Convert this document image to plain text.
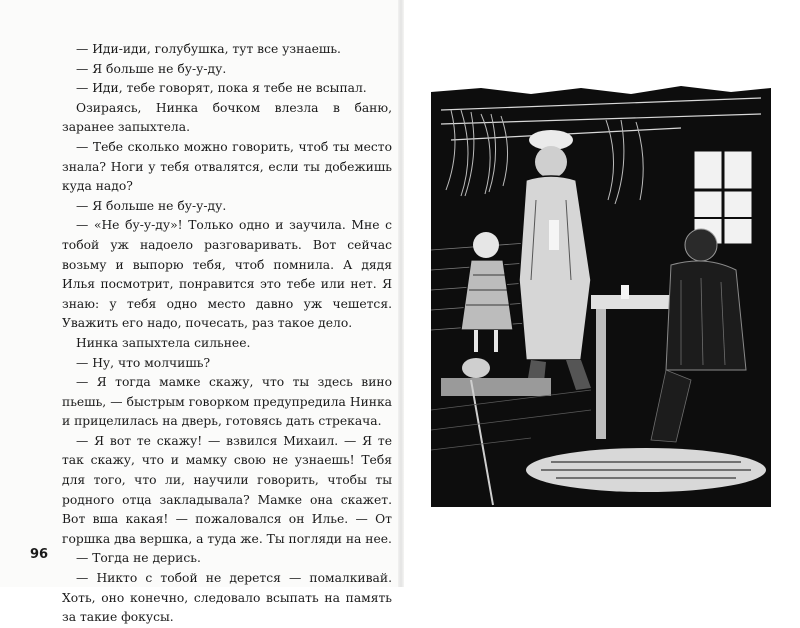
— Иди-иди, голубушка, тут все узнаешь.

— Я больше не бу-у-ду.

— Иди, тебе говорят, пока я тебе не всыпал.

Озираясь, Нинка бочком влезла в баню, заранее запыхтела.

— Тебе сколько можно говорить, чтоб ты место знала? Ноги у тебя отвалятся, если ты добежишь куда надо?

— Я больше не бу-у-ду.

— «Не бу-у-ду»! Только одно и заучила. Мне с тобой уж надоело разговаривать. Вот сейчас возьму и выпорю тебя, чтоб помнила. А дядя Илья посмотрит, понравится это тебе или нет. Я знаю: у тебя одно место давно уж чешется. Уважить его надо, почесать, раз такое дело.

Нинка запыхтела сильнее.

— Ну, что молчишь?

— Я тогда мамке скажу, что ты здесь вино пьешь, — быстрым говорком предупредила Нинка и прицелилась на дверь, готовясь дать стрекача.

— Я вот те скажу! — взвился Михаил. — Я те так скажу, что и мамку свою не узнаешь! Тебя для того, что ли, научили говорить, чтобы ты родного отца закладывала? Мамке она скажет. Вот вша какая! — пожаловался он Илье. — От горшка два вершка, а туда же. Ты погляди на нее.

— Тогда не дерись.

— Никто с тобой не дерется — помалкивай. Хоть, оно конечно, следовало всыпать на память за такие фокусы.

96
